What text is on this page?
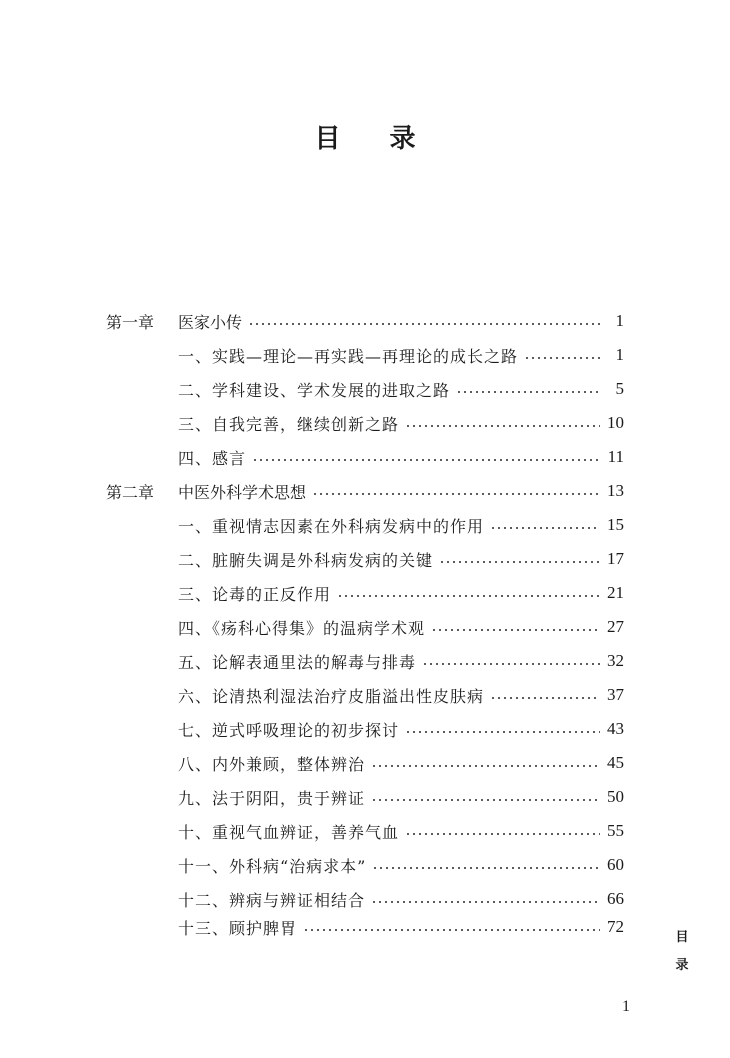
目 录
第一章	医家小传	1
一、实践—理论—再实践—再理论的成长之路	1
二、学科建设、学术发展的进取之路	5
三、自我完善，继续创新之路	10
四、感言	11
第二章	中医外科学术思想	13
一、重视情志因素在外科病发病中的作用	15
二、脏腑失调是外科病发病的关键	17
三、论毒的正反作用	21
四、《疡科心得集》的温病学术观	27
五、论解表通里法的解毒与排毒	32
六、论清热利湿法治疗皮脂溢出性皮肤病	37
七、逆式呼吸理论的初步探讨	43
八、内外兼顾，整体辨治	45
九、法于阴阳，贵于辨证	50
十、重视气血辨证，善养气血	55
十一、外科病“治病求本”	60
十二、辨病与辨证相结合	66
十三、顾护脾胃	72
目
录
1
